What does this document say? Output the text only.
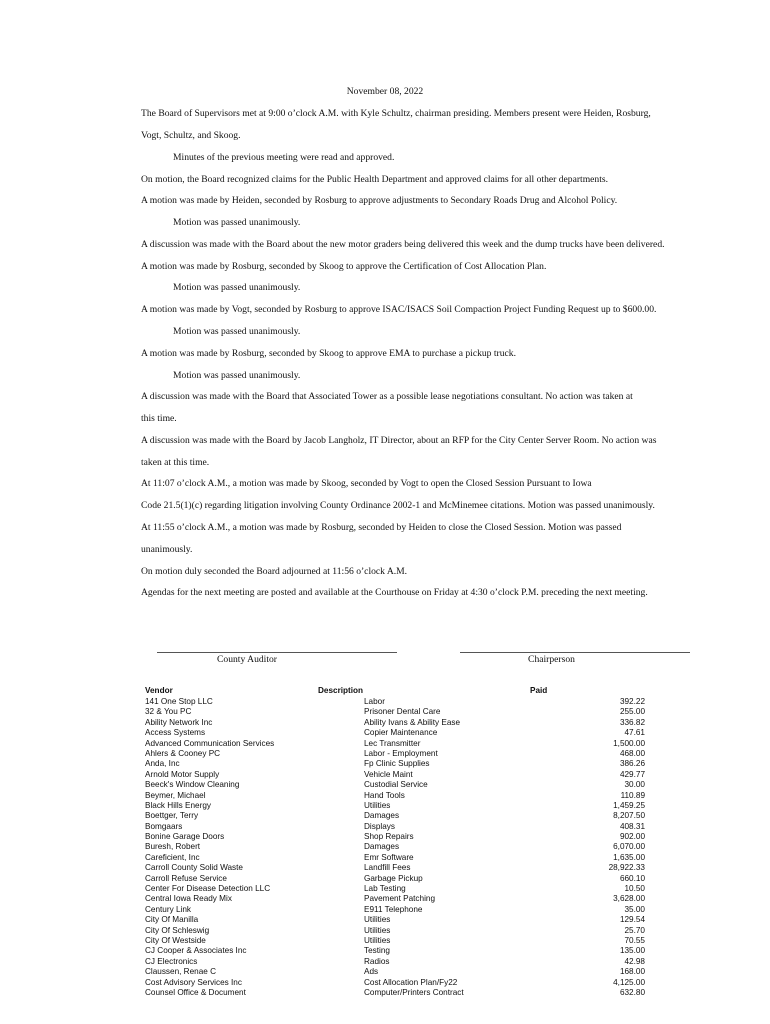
November 08, 2022
The Board of Supervisors met at 9:00 o’clock A.M. with Kyle Schultz, chairman presiding. Members present were Heiden, Rosburg,
Vogt, Schultz, and Skoog.
Minutes of the previous meeting were read and approved.
On motion, the Board recognized claims for the Public Health Department and approved claims for all other departments.
A motion was made by Heiden, seconded by Rosburg to approve adjustments to Secondary Roads Drug and Alcohol Policy.
Motion was passed unanimously.
A discussion was made with the Board about the new motor graders being delivered this week and the dump trucks have been delivered.
A motion was made by Rosburg, seconded by Skoog to approve the Certification of Cost Allocation Plan.
Motion was passed unanimously.
A motion was made by Vogt, seconded by Rosburg to approve ISAC/ISACS Soil Compaction Project Funding Request up to $600.00.
Motion was passed unanimously.
A motion was made by Rosburg, seconded by Skoog to approve EMA to purchase a pickup truck.
Motion was passed unanimously.
A discussion was made with the Board that Associated Tower as a possible lease negotiations consultant. No action was taken at
this time.
A discussion was made with the Board by Jacob Langholz, IT Director, about an RFP for the City Center Server Room. No action was
taken at this time.
At 11:07 o’clock A.M., a motion was made by Skoog, seconded by Vogt to open the Closed Session Pursuant to Iowa
Code 21.5(1)(c) regarding litigation involving County Ordinance 2002-1 and McMinemee citations. Motion was passed unanimously.
At 11:55 o’clock A.M., a motion was made by Rosburg, seconded by Heiden to close the Closed Session. Motion was passed
unanimously.
On motion duly seconded the Board adjourned at 11:56 o’clock A.M.
Agendas for the next meeting are posted and available at the Courthouse on Friday at 4:30 o’clock P.M. preceding the next meeting.
County Auditor	Chairperson
Vendor	Description	Paid
141 One Stop LLC	Labor	392.22
32 & You PC	Prisoner Dental Care	255.00
Ability Network Inc	Ability Ivans & Ability Ease	336.82
Access Systems	Copier Maintenance	47.61
Advanced Communication Services	Lec Transmitter	1,500.00
Ahlers & Cooney PC	Labor - Employment	468.00
Anda, Inc	Fp Clinic Supplies	386.26
Arnold Motor Supply	Vehicle Maint	429.77
Beeck's Window Cleaning	Custodial Service	30.00
Beymer, Michael	Hand Tools	110.89
Black Hills Energy	Utilities	1,459.25
Boettger, Terry	Damages	8,207.50
Bomgaars	Displays	408.31
Bonine Garage Doors	Shop Repairs	902.00
Buresh, Robert	Damages	6,070.00
Careficient, Inc	Emr Software	1,635.00
Carroll County Solid Waste	Landfill Fees	28,922.33
Carroll Refuse Service	Garbage Pickup	660.10
Center For Disease Detection LLC	Lab Testing	10.50
Central Iowa Ready Mix	Pavement Patching	3,628.00
Century Link	E911 Telephone	35.00
City Of Manilla	Utilities	129.54
City Of Schleswig	Utilities	25.70
City Of Westside	Utilities	70.55
CJ Cooper & Associates Inc	Testing	135.00
CJ Electronics	Radios	42.98
Claussen, Renae C	Ads	168.00
Cost Advisory Services Inc	Cost Allocation Plan/Fy22	4,125.00
Counsel Office & Document	Computer/Printers Contract	632.80
